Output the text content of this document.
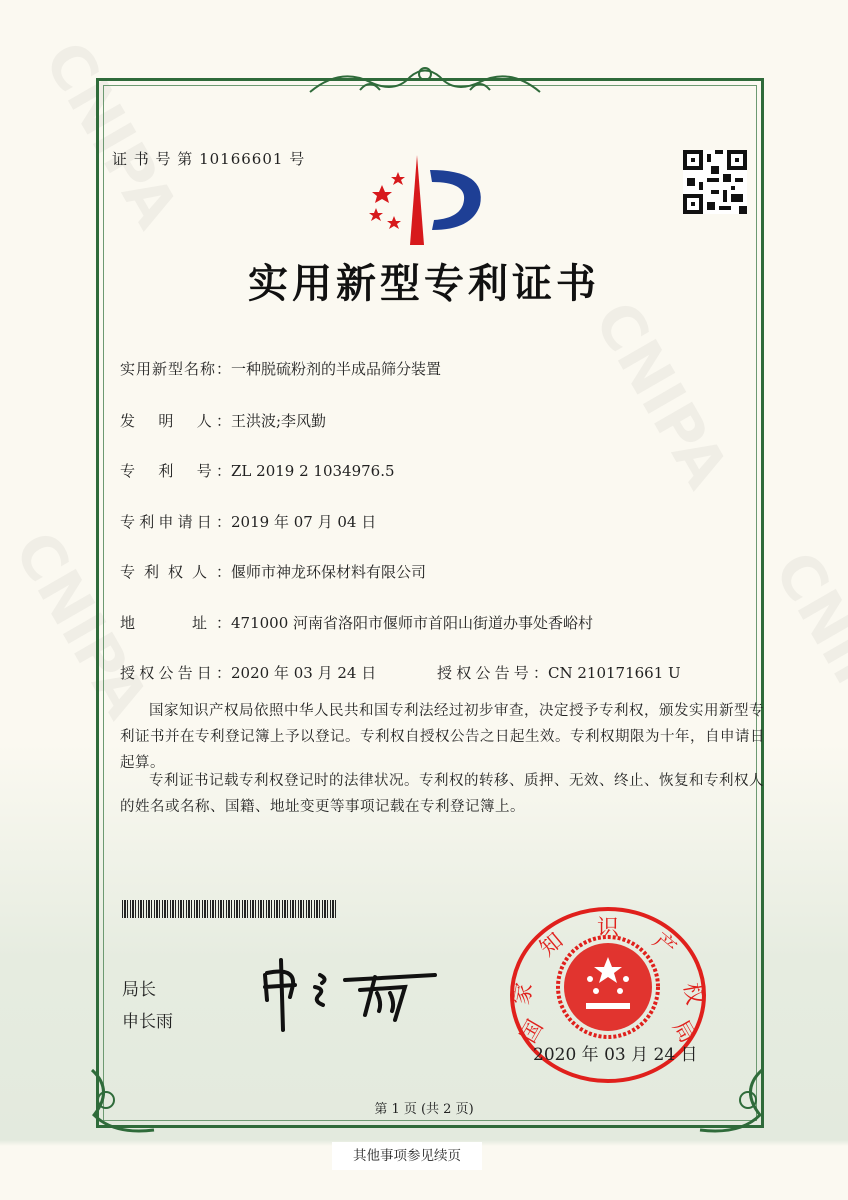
证 书 号 第 10166601 号
实用新型专利证书
实用新型名称：一种脱硫粉剂的半成品筛分装置
发　明　人：王洪波;李风勤
专　利　号：ZL 2019 2 1034976.5
专利申请日：2019 年 07 月 04 日
专利权人：偃师市神龙环保材料有限公司
地　　址：471000 河南省洛阳市偃师市首阳山街道办事处香峪村
授权公告日：2020 年 03 月 24 日	授权公告号：CN 210171661 U
国家知识产权局依照中华人民共和国专利法经过初步审查，决定授予专利权，颁发实用新型专利证书并在专利登记簿上予以登记。专利权自授权公告之日起生效。专利权期限为十年，自申请日起算。
专利证书记载专利权登记时的法律状况。专利权的转移、质押、无效、终止、恢复和专利权人的姓名或名称、国籍、地址变更等事项记载在专利登记簿上。
局长
申长雨	国
家
知 识 产
权
局
2020 年 03 月 24 日
第 1 页 (共 2 页)
其他事项参见续页
